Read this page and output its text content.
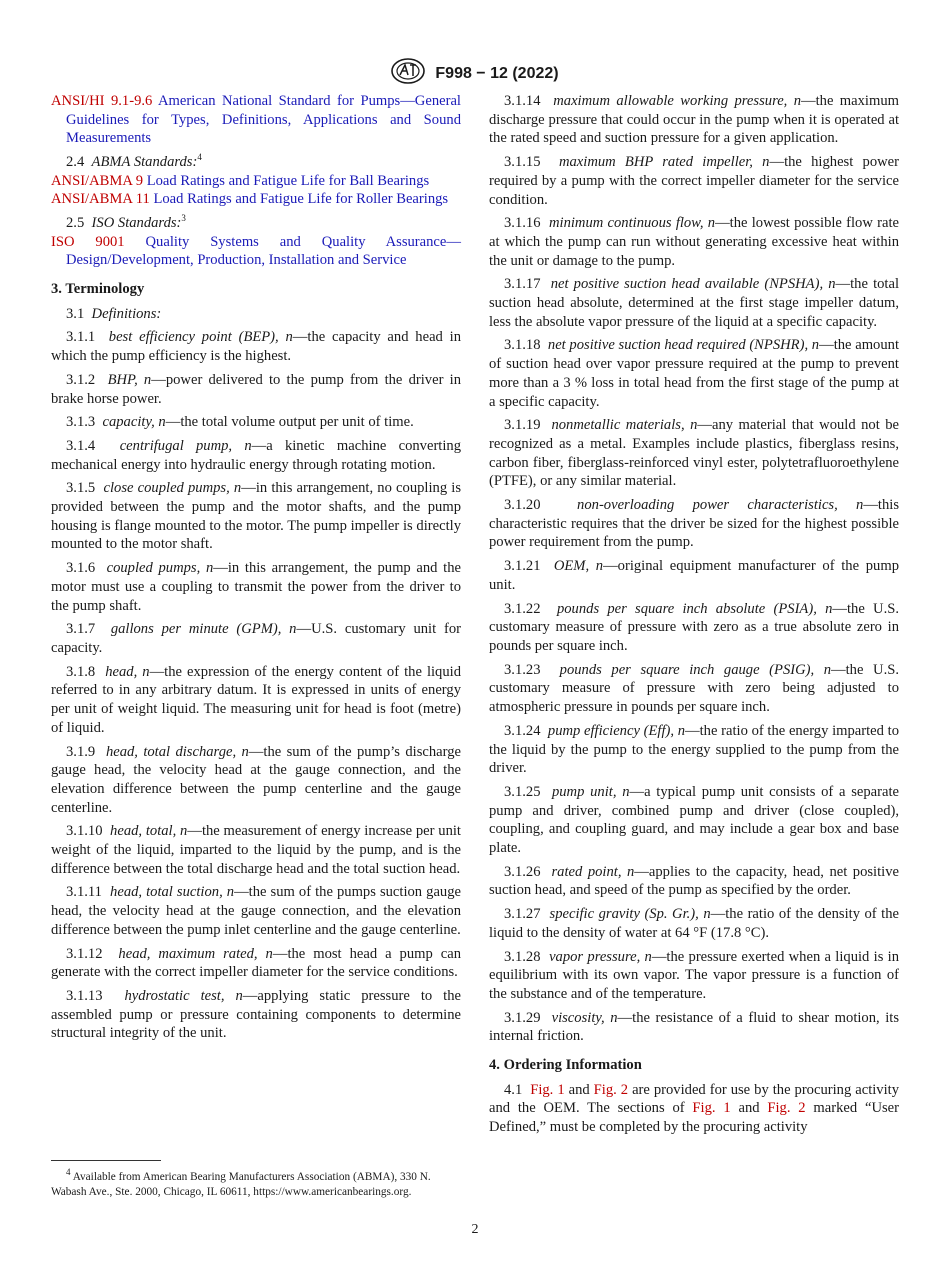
F998 − 12 (2022)
ANSI/HI 9.1-9.6 American National Standard for Pumps—General Guidelines for Types, Definitions, Applications and Sound Measurements
2.4 ABMA Standards:$^4$
ANSI/ABMA 9 Load Ratings and Fatigue Life for Ball Bearings
ANSI/ABMA 11 Load Ratings and Fatigue Life for Roller Bearings
2.5 ISO Standards:$^3$
ISO 9001 Quality Systems and Quality Assurance—Design/Development, Production, Installation and Service
3. Terminology

3.1 Definitions:

3.1.1 best efficiency point (BEP), n—the capacity and head in which the pump efficiency is the highest.

3.1.2 BHP, n—power delivered to the pump from the driver in brake horse power.

3.1.3 capacity, n—the total volume output per unit of time.

3.1.4 centrifugal pump, n—a kinetic machine converting mechanical energy into hydraulic energy through rotating motion.

3.1.5 close coupled pumps, n—in this arrangement, no coupling is provided between the pump and the motor shafts, and the pump housing is flange mounted to the motor. The pump impeller is directly mounted to the motor shaft.

3.1.6 coupled pumps, n—in this arrangement, the pump and the motor must use a coupling to transmit the power from the driver to the pump shaft.

3.1.7 gallons per minute (GPM), n—U.S. customary unit for capacity.

3.1.8 head, n—the expression of the energy content of the liquid referred to in any arbitrary datum. It is expressed in units of energy per unit of weight liquid. The measuring unit for head is foot (metre) of liquid.

3.1.9 head, total discharge, n—the sum of the pump’s discharge gauge head, the velocity head at the gauge connection, and the elevation difference between the pump centerline and the gauge centerline.

3.1.10 head, total, n—the measurement of energy increase per unit weight of the liquid, imparted to the liquid by the pump, and is the difference between the total discharge head and the total suction head.

3.1.11 head, total suction, n—the sum of the pumps suction gauge head, the velocity head at the gauge connection, and the elevation difference between the pump inlet centerline and the gauge centerline.

3.1.12 head, maximum rated, n—the most head a pump can generate with the correct impeller diameter for the service conditions.

3.1.13 hydrostatic test, n—applying static pressure to the assembled pump or pressure containing components to determine structural integrity of the unit.

3.1.14 maximum allowable working pressure, n—the maximum discharge pressure that could occur in the pump when it is operated at the rated speed and suction pressure for a given application.

3.1.15 maximum BHP rated impeller, n—the highest power required by a pump with the correct impeller diameter for the service condition.

3.1.16 minimum continuous flow, n—the lowest possible flow rate at which the pump can run without generating excessive heat within the unit or damage to the pump.

3.1.17 net positive suction head available (NPSHA), n—the total suction head absolute, determined at the first stage impeller datum, less the absolute vapor pressure of the liquid at a specific capacity.

3.1.18 net positive suction head required (NPSHR), n—the amount of suction head over vapor pressure required at the pump to prevent more than a 3 % loss in total head from the first stage of the pump at a specific capacity.

3.1.19 nonmetallic materials, n—any material that would not be recognized as a metal. Examples include plastics, fiberglass resins, carbon fiber, fiberglass-reinforced vinyl ester, polytetrafluoroethylene (PTFE), or any similar material.

3.1.20	non-overloading power characteristics, n—this characteristic requires that the driver be sized for the highest possible power requirement from the pump.

3.1.21 OEM, n—original equipment manufacturer of the pump unit.

3.1.22 pounds per square inch absolute (PSIA), n—the U.S. customary measure of pressure with zero as a true absolute zero in pounds per square inch.

3.1.23 pounds per square inch gauge (PSIG), n—the U.S. customary measure of pressure with zero being adjusted to atmospheric pressure in pounds per square inch.

3.1.24 pump efficiency (Eff), n—the ratio of the energy imparted to the liquid by the pump to the energy supplied to the pump from the driver.

3.1.25 pump unit, n—a typical pump unit consists of a separate pump and driver, combined pump and driver (close coupled), coupling, and coupling guard, and may include a gear box and base plate.

3.1.26 rated point, n—applies to the capacity, head, net positive suction head, and speed of the pump as specified by the order.

3.1.27 specific gravity (Sp. Gr.), n—the ratio of the density of the liquid to the density of water at 64 °F (17.8 °C).

3.1.28 vapor pressure, n—the pressure exerted when a liquid is in equilibrium with its own vapor. The vapor pressure is a function of the substance and of the temperature.

3.1.29 viscosity, n—the resistance of a fluid to shear motion, its internal friction.

4. Ordering Information

4.1 Fig. 1 and Fig. 2 are provided for use by the procuring activity and the OEM. The sections of Fig. 1 and Fig. 2 marked “User Defined,” must be completed by the procuring activity

$^4$ Available from American Bearing Manufacturers Association (ABMA), 330 N. Wabash Ave., Ste. 2000, Chicago, IL 60611, https://www.americanbearings.org.
2
